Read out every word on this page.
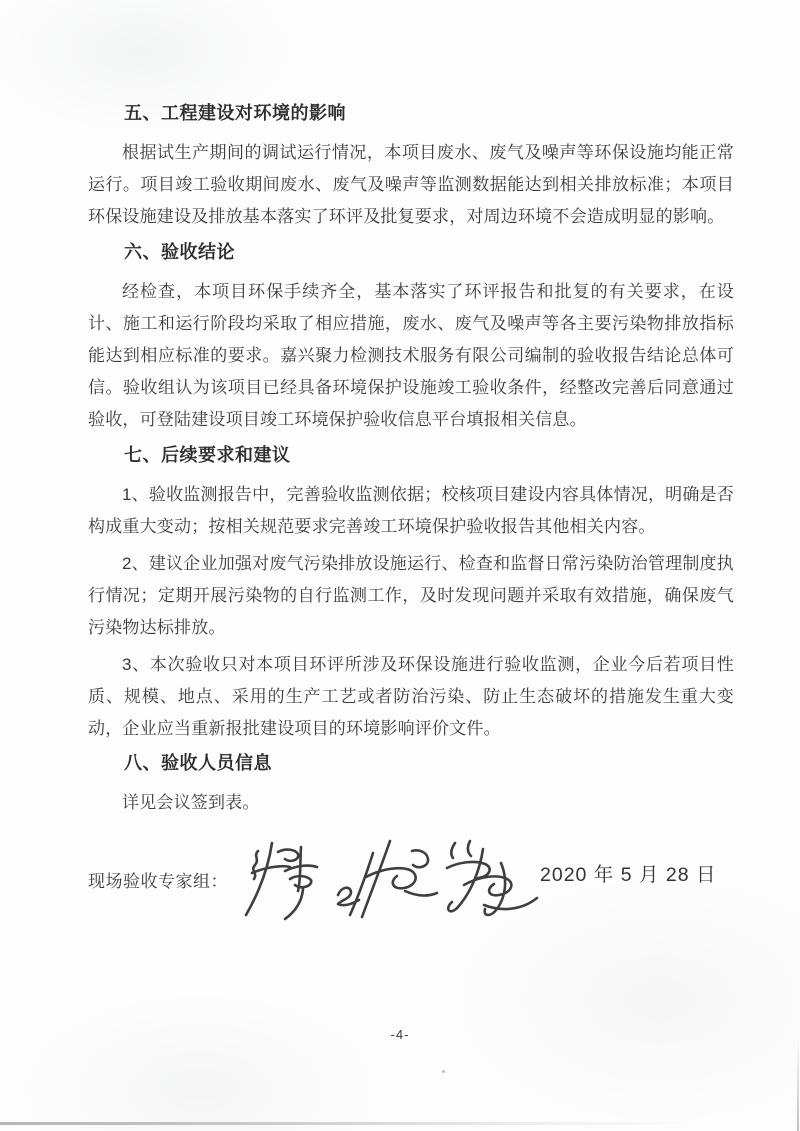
五、工程建设对环境的影响

根据试生产期间的调试运行情况，本项目废水、废气及噪声等环保设施均能正常运行。项目竣工验收期间废水、废气及噪声等监测数据能达到相关排放标准；本项目环保设施建设及排放基本落实了环评及批复要求，对周边环境不会造成明显的影响。

六、验收结论

经检查，本项目环保手续齐全，基本落实了环评报告和批复的有关要求，在设计、施工和运行阶段均采取了相应措施，废水、废气及噪声等各主要污染物排放指标能达到相应标准的要求。嘉兴聚力检测技术服务有限公司编制的验收报告结论总体可信。验收组认为该项目已经具备环境保护设施竣工验收条件，经整改完善后同意通过验收，可登陆建设项目竣工环境保护验收信息平台填报相关信息。

七、后续要求和建议

1、验收监测报告中，完善验收监测依据；校核项目建设内容具体情况，明确是否构成重大变动；按相关规范要求完善竣工环境保护验收报告其他相关内容。

2、建议企业加强对废气污染排放设施运行、检查和监督日常污染防治管理制度执行情况；定期开展污染物的自行监测工作，及时发现问题并采取有效措施，确保废气污染物达标排放。

3、本次验收只对本项目环评所涉及环保设施进行验收监测，企业今后若项目性质、规模、地点、采用的生产工艺或者防治污染、防止生态破坏的措施发生重大变动，企业应当重新报批建设项目的环境影响评价文件。

八、验收人员信息

详见会议签到表。

现场验收专家组：	2020 年 5 月 28 日
-4-
